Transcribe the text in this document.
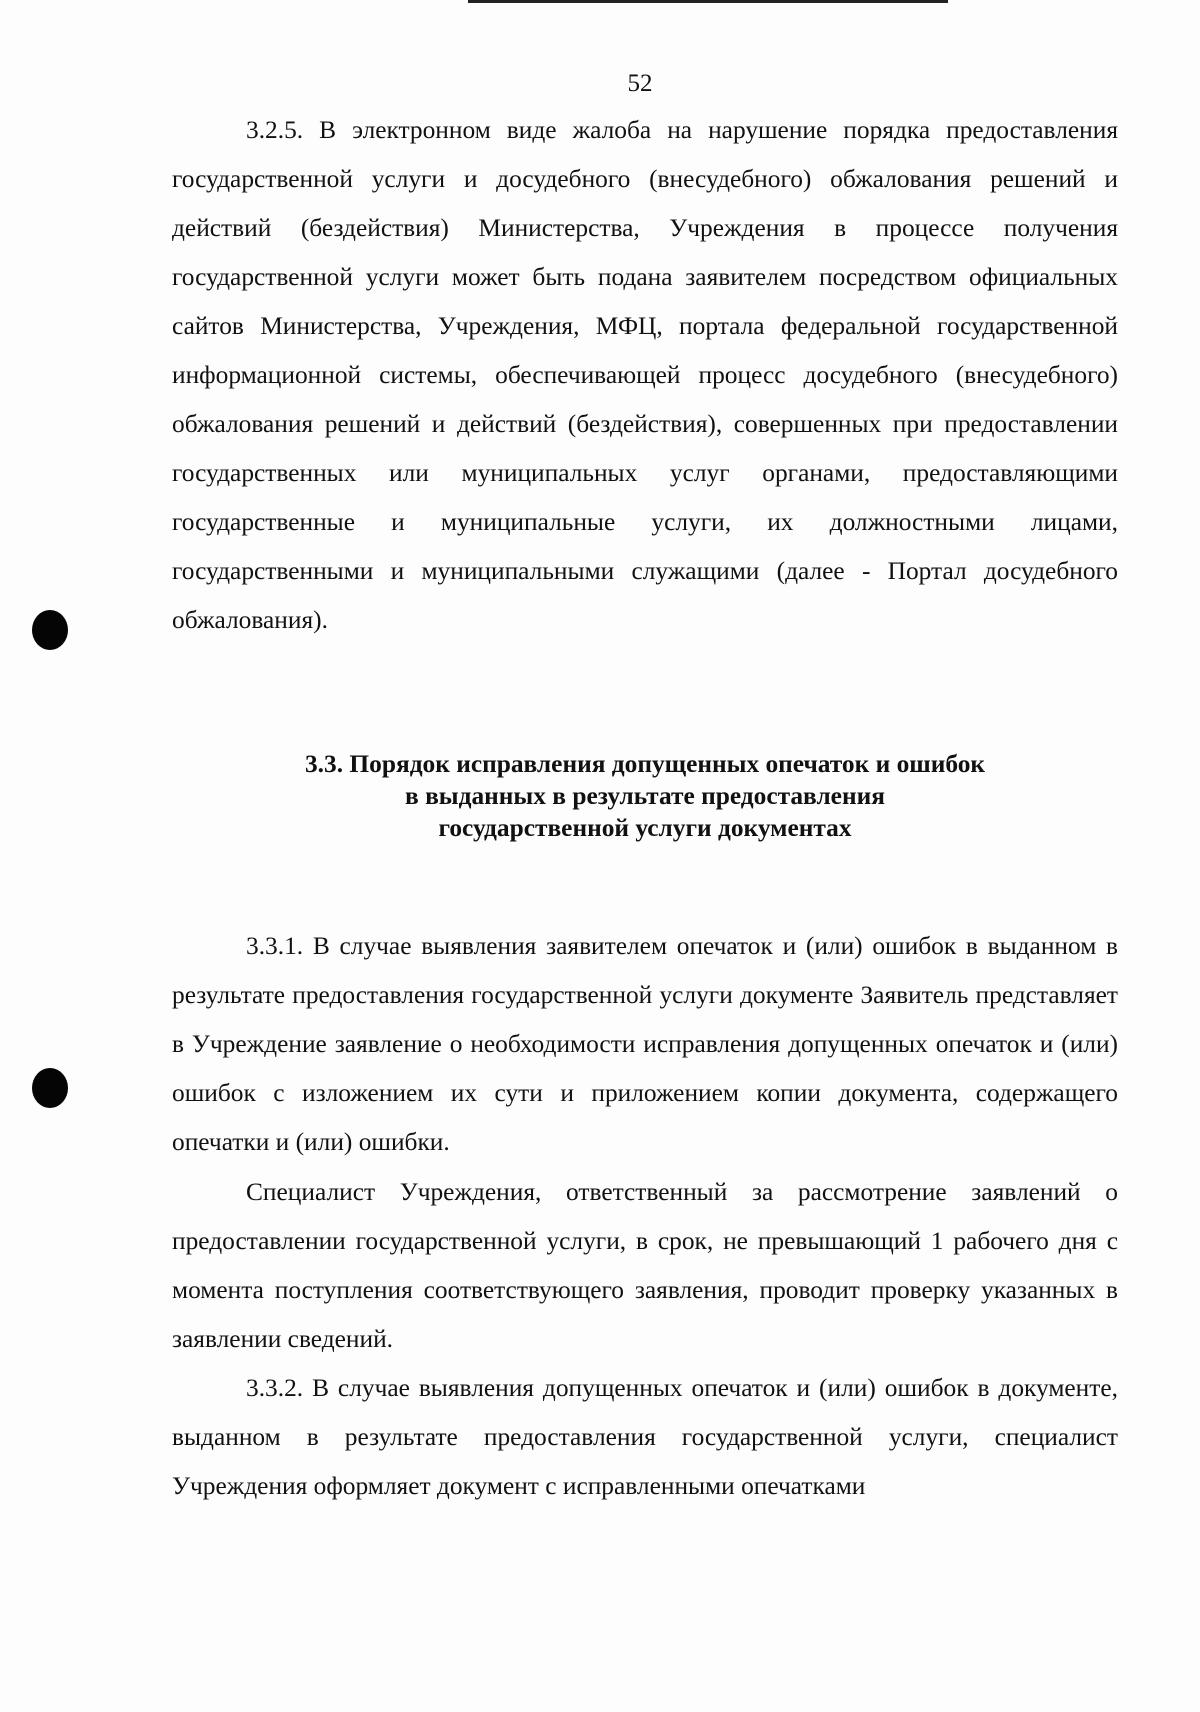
52

3.2.5. В электронном виде жалоба на нарушение порядка предоставления государственной услуги и досудебного (внесудебного) обжалования решений и действий (бездействия) Министерства, Учреждения в процессе получения государственной услуги может быть подана заявителем посредством официальных сайтов Министерства, Учреждения, МФЦ, портала федеральной государственной информационной системы, обеспечивающей процесс досудебного (внесудебного) обжалования решений и действий (бездействия), совершенных при предоставлении государственных или муниципальных услуг органами, предоставляющими государственные и муниципальные услуги, их должностными лицами, государственными и муниципальными служащими (далее - Портал досудебного обжалования).

3.3. Порядок исправления допущенных опечаток и ошибок
в выданных в результате предоставления
государственной услуги документах

3.3.1. В случае выявления заявителем опечаток и (или) ошибок в выданном в результате предоставления государственной услуги документе Заявитель представляет в Учреждение заявление о необходимости исправления допущенных опечаток и (или) ошибок с изложением их сути и приложением копии документа, содержащего опечатки и (или) ошибки.

Специалист Учреждения, ответственный за рассмотрение заявлений о предоставлении государственной услуги, в срок, не превышающий 1 рабочего дня с момента поступления соответствующего заявления, проводит проверку указанных в заявлении сведений.

3.3.2. В случае выявления допущенных опечаток и (или) ошибок в документе, выданном в результате предоставления государственной услуги, специалист Учреждения оформляет документ с исправленными опечатками
